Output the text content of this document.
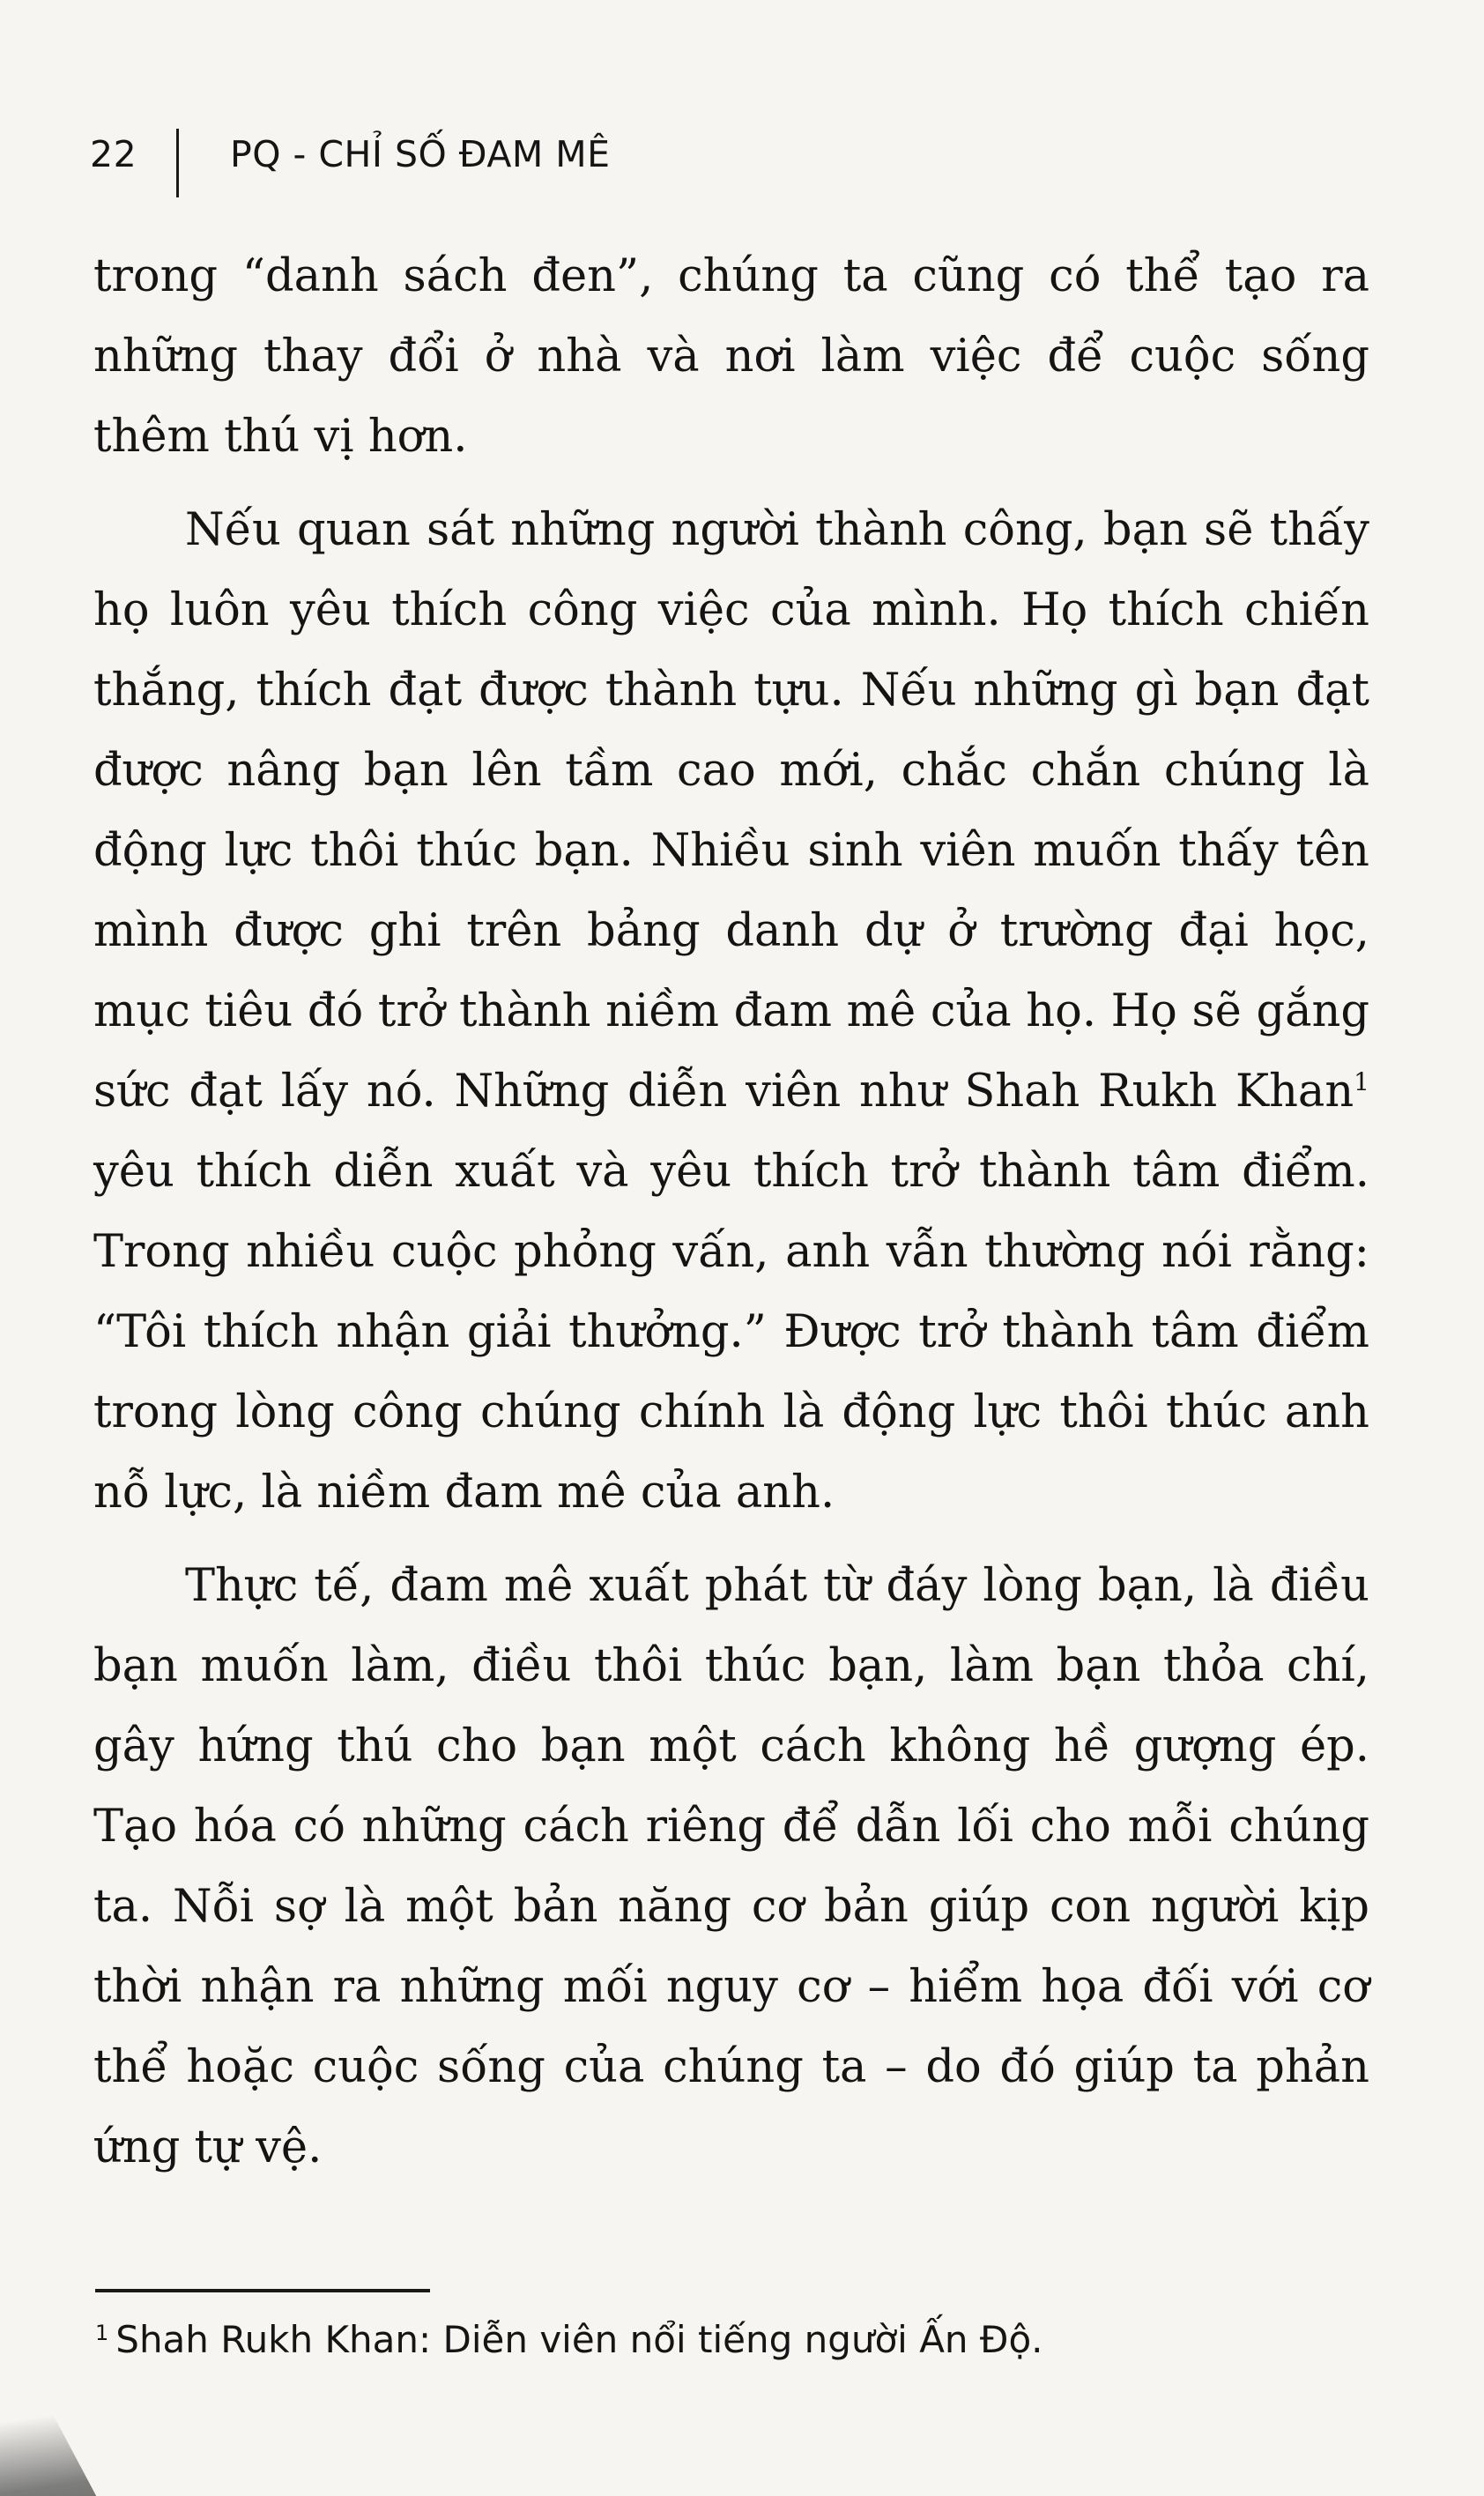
22	PQ - CHỈ SỐ ĐAM MÊ

trong “danh sách đen”, chúng ta cũng có thể tạo ra những thay đổi ở nhà và nơi làm việc để cuộc sống thêm thú vị hơn.

Nếu quan sát những người thành công, bạn sẽ thấy họ luôn yêu thích công việc của mình. Họ thích chiến thắng, thích đạt được thành tựu. Nếu những gì bạn đạt được nâng bạn lên tầm cao mới, chắc chắn chúng là động lực thôi thúc bạn. Nhiều sinh viên muốn thấy tên mình được ghi trên bảng danh dự ở trường đại học, mục tiêu đó trở thành niềm đam mê của họ. Họ sẽ gắng sức đạt lấy nó. Những diễn viên như Shah Rukh Khan$^1$ yêu thích diễn xuất và yêu thích trở thành tâm điểm. Trong nhiều cuộc phỏng vấn, anh vẫn thường nói rằng: “Tôi thích nhận giải thưởng.” Được trở thành tâm điểm trong lòng công chúng chính là động lực thôi thúc anh nỗ lực, là niềm đam mê của anh.

Thực tế, đam mê xuất phát từ đáy lòng bạn, là điều bạn muốn làm, điều thôi thúc bạn, làm bạn thỏa chí, gây hứng thú cho bạn một cách không hề gượng ép. Tạo hóa có những cách riêng để dẫn lối cho mỗi chúng ta. Nỗi sợ là một bản năng cơ bản giúp con người kịp thời nhận ra những mối nguy cơ – hiểm họa đối với cơ thể hoặc cuộc sống của chúng ta – do đó giúp ta phản ứng tự vệ.

$^1$ Shah Rukh Khan: Diễn viên nổi tiếng người Ấn Độ.
